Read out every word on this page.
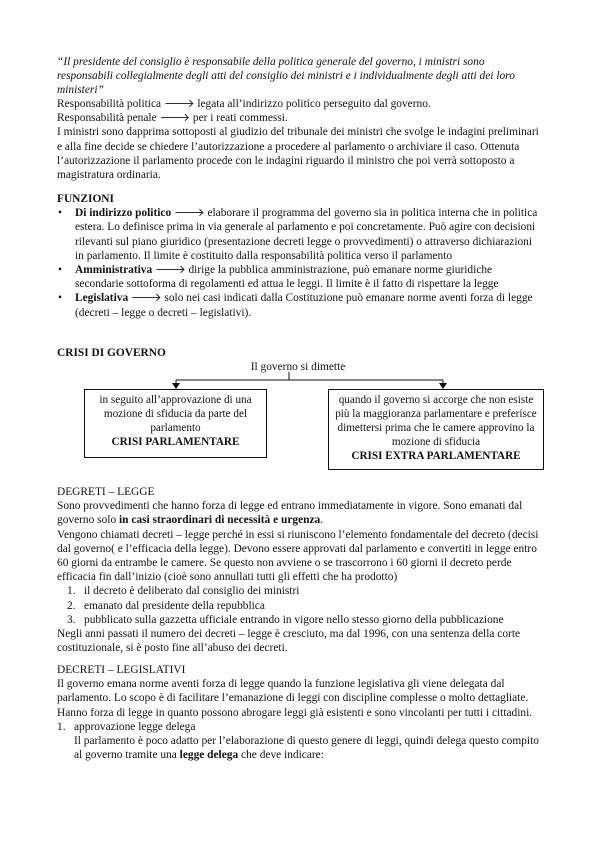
“Il presidente del consiglio è responsabile della politica generale del governo, i ministri sono responsabili collegialmente degli atti del consiglio dei ministri e i individualmente degli atti dei loro ministeri”

Responsabilità politica 🡒 legata all’indirizzo politico perseguito dal governo.

Responsabilità penale 🡒 per i reati commessi.

I ministri sono dapprima sottoposti al giudizio del tribunale dei ministri che svolge le indagini preliminari e alla fine decide se chiedere l’autorizzazione a procedere al parlamento o archiviare il caso. Ottenuta l’autorizzazione il parlamento procede con le indagini riguardo il ministro che poi verrà sottoposto a magistratura ordinaria.

FUNZIONI

• Di indirizzo politico 🡒 elaborare il programma del governo sia in politica interna che in politica estera. Lo definisce prima in via generale al parlamento e poi concretamente. Può agire con decisioni rilevanti sul piano giuridico (presentazione decreti legge o provvedimenti) o attraverso dichiarazioni in parlamento. Il limite è costituito dalla responsabilità politica verso il parlamento
• Amministrativa 🡒 dirige la pubblica amministrazione, può emanare norme giuridiche secondarie sottoforma di regolamenti ed attua le leggi. Il limite è il fatto di rispettare la legge
• Legislativa 🡒 solo nei casi indicati dalla Costituzione può emanare norme aventi forza di legge (decreti – legge o decreti – legislativi).

CRISI DI GOVERNO

Il governo si dimette
in seguito all’approvazione di una mozione di sfiducia da parte del parlamento
CRISI PARLAMENTARE
quando il governo si accorge che non esiste più la maggioranza parlamentare e preferisce dimettersi prima che le camere approvino la mozione di sfiducia
CRISI EXTRA PARLAMENTARE

DEGRETI – LEGGE

Sono provvedimenti che hanno forza di legge ed entrano immediatamente in vigore. Sono emanati dal governo solo in casi straordinari di necessità e urgenza.

Vengono chiamati decreti – legge perché in essi si riuniscono l’elemento fondamentale del decreto (decisi dal governo( e l’efficacia della legge). Devono essere approvati dal parlamento e convertiti in legge entro 60 giorni da entrambe le camere. Se questo non avviene o se trascorrono i 60 giorni il decreto perde efficacia fin dall’inizio (cioè sono annullati tutti gli effetti che ha prodotto)

1. il decreto è deliberato dal consiglio dei ministri
2. emanato dal presidente della repubblica
3. pubblicato sulla gazzetta ufficiale entrando in vigore nello stesso giorno della pubblicazione

Negli anni passati il numero dei decreti – legge è cresciuto, ma dal 1996, con una sentenza della corte costituzionale, si è posto fine all’abuso dei decreti.

DECRETI – LEGISLATIVI

Il governo emana norme aventi forza di legge quando la funzione legislativa gli viene delegata dal parlamento. Lo scopo è di facilitare l’emanazione di leggi con discipline complesse o molto dettagliate. Hanno forza di legge in quanto possono abrogare leggi già esistenti e sono vincolanti per tutti i cittadini.

1. approvazione legge delega

Il parlamento è poco adatto per l’elaborazione di questo genere di leggi, quindi delega questo compito al governo tramite una legge delega che deve indicare:
